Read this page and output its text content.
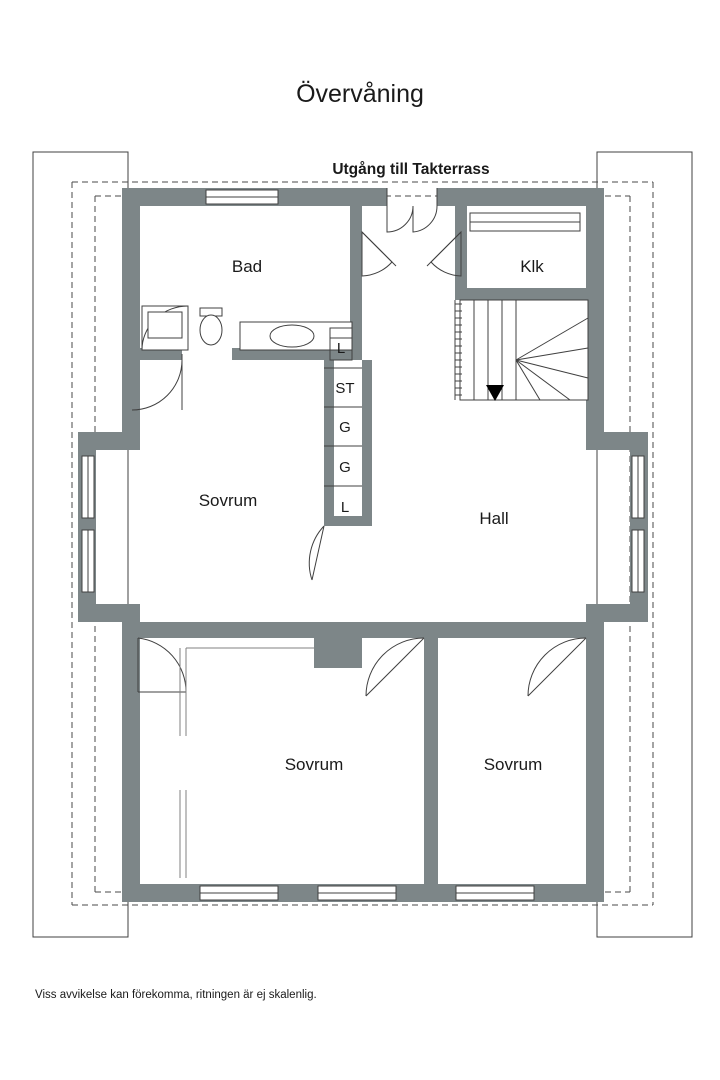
Övervåning
Utgång till Takterrass
Bad	Klk
Sovrum
Hall
Sovrum	Sovrum
L
ST
G
G
L
Viss avvikelse kan förekomma, ritningen är ej skalenlig.
